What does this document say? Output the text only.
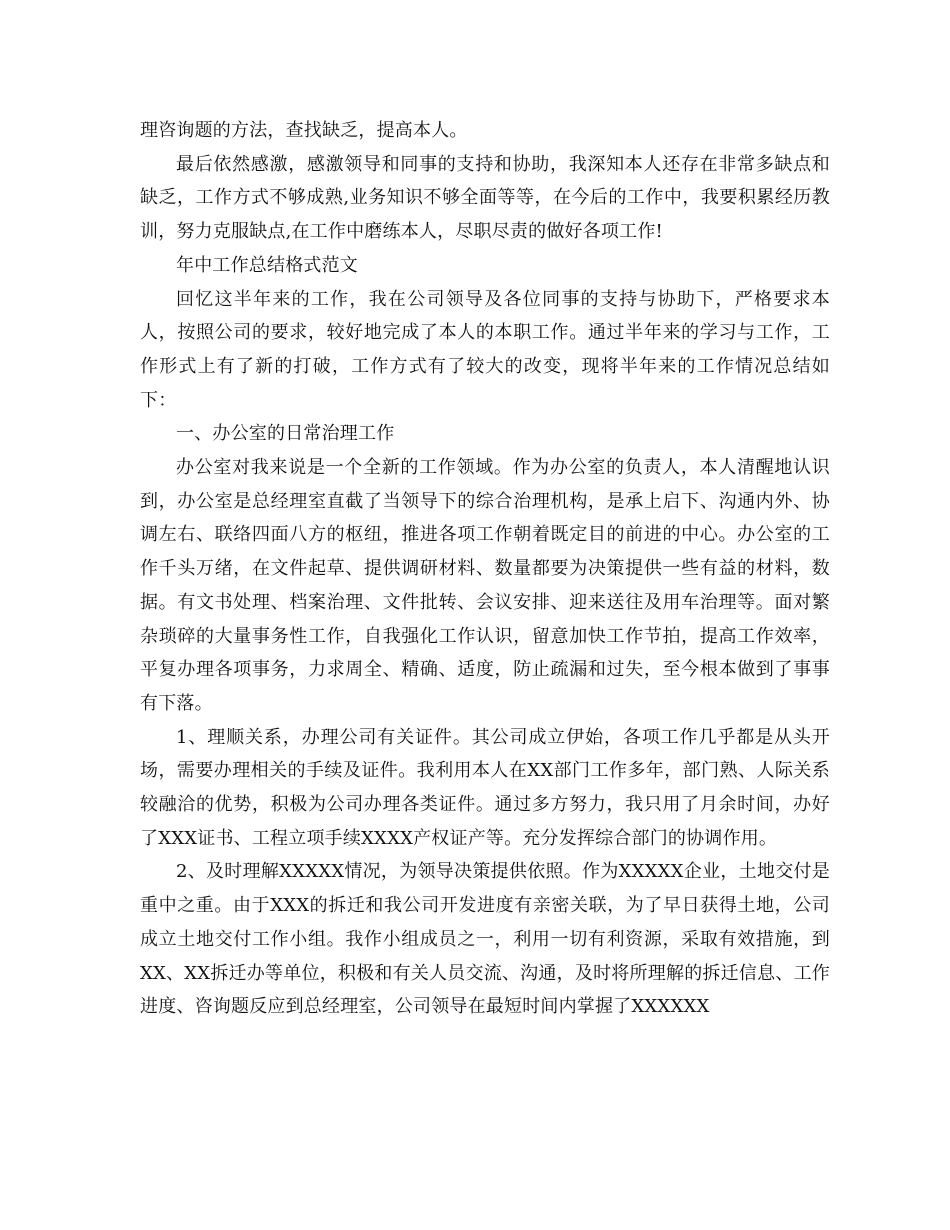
理咨询题的方法，查找缺乏，提高本人。

最后依然感激，感激领导和同事的支持和协助，我深知本人还存在非常多缺点和缺乏，工作方式不够成熟,业务知识不够全面等等，在今后的工作中，我要积累经历教训，努力克服缺点,在工作中磨练本人，尽职尽责的做好各项工作!

年中工作总结格式范文

回忆这半年来的工作，我在公司领导及各位同事的支持与协助下，严格要求本人，按照公司的要求，较好地完成了本人的本职工作。通过半年来的学习与工作，工作形式上有了新的打破，工作方式有了较大的改变，现将半年来的工作情况总结如下：

一、办公室的日常治理工作

办公室对我来说是一个全新的工作领域。作为办公室的负责人，本人清醒地认识到，办公室是总经理室直截了当领导下的综合治理机构，是承上启下、沟通内外、协调左右、联络四面八方的枢纽，推进各项工作朝着既定目的前进的中心。办公室的工作千头万绪，在文件起草、提供调研材料、数量都要为决策提供一些有益的材料，数据。有文书处理、档案治理、文件批转、会议安排、迎来送往及用车治理等。面对繁杂琐碎的大量事务性工作，自我强化工作认识，留意加快工作节拍，提高工作效率，平复办理各项事务，力求周全、精确、适度，防止疏漏和过失，至今根本做到了事事有下落。

1、理顺关系，办理公司有关证件。其公司成立伊始，各项工作几乎都是从头开场，需要办理相关的手续及证件。我利用本人在XX部门工作多年，部门熟、人际关系较融洽的优势，积极为公司办理各类证件。通过多方努力，我只用了月余时间，办好了XXX证书、工程立项手续XXXX产权证产等。充分发挥综合部门的协调作用。

2、及时理解XXXXX情况，为领导决策提供依照。作为XXXXX企业，土地交付是重中之重。由于XXX的拆迁和我公司开发进度有亲密关联，为了早日获得土地，公司成立土地交付工作小组。我作小组成员之一，利用一切有利资源，采取有效措施，到XX、XX拆迁办等单位，积极和有关人员交流、沟通，及时将所理解的拆迁信息、工作进度、咨询题反应到总经理室，公司领导在最短时间内掌握了XXXXXX
